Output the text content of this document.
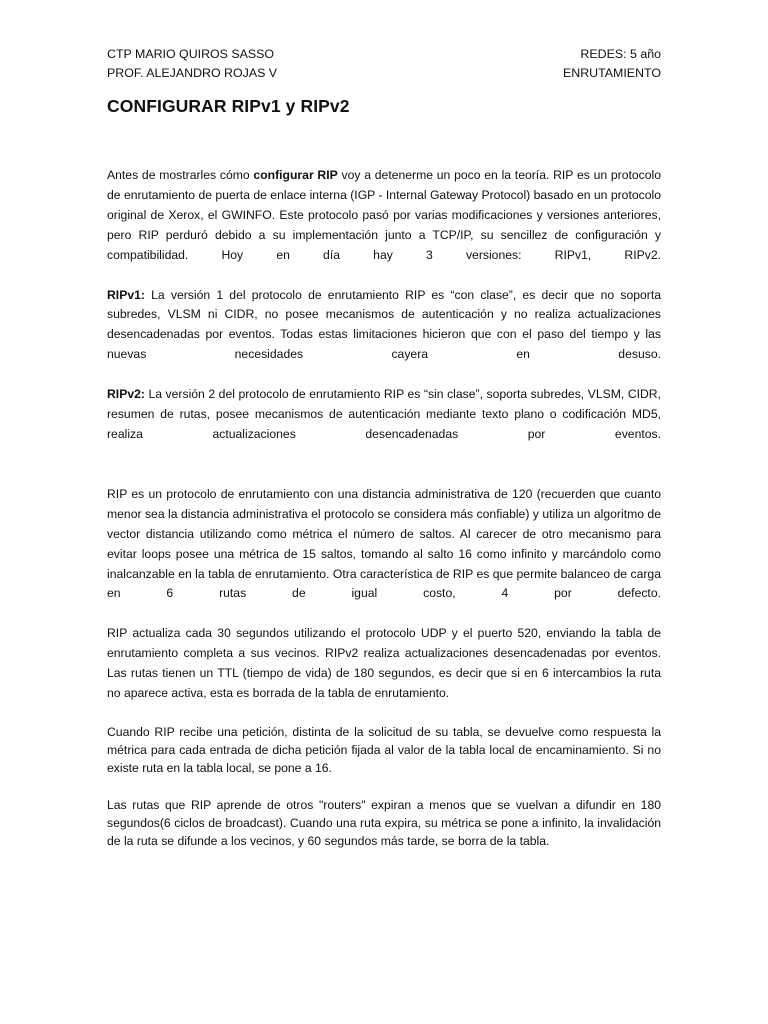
CTP MARIO QUIROS SASSO	REDES: 5 año
PROF. ALEJANDRO ROJAS V	ENRUTAMIENTO
CONFIGURAR RIPv1 y RIPv2

Antes de mostrarles cómo configurar RIP voy a detenerme un poco en la teoría. RIP es un protocolo de enrutamiento de puerta de enlace interna (IGP - Internal Gateway Protocol) basado en un protocolo original de Xerox, el GWINFO. Este protocolo pasó por varias modificaciones y versiones anteriores, pero RIP perduró debido a su implementación junto a TCP/IP, su sencillez de configuración y compatibilidad. Hoy en día hay 3 versiones: RIPv1, RIPv2.

RIPv1: La versión 1 del protocolo de enrutamiento RIP es “con clase”, es decir que no soporta subredes, VLSM ni CIDR, no posee mecanismos de autenticación y no realiza actualizaciones desencadenadas por eventos. Todas estas limitaciones hicieron que con el paso del tiempo y las nuevas necesidades cayera en desuso.

RIPv2: La versión 2 del protocolo de enrutamiento RIP es “sin clase”, soporta subredes, VLSM, CIDR, resumen de rutas, posee mecanismos de autenticación mediante texto plano o codificación MD5, realiza actualizaciones desencadenadas por eventos.

RIP es un protocolo de enrutamiento con una distancia administrativa de 120 (recuerden que cuanto menor sea la distancia administrativa el protocolo se considera más confiable) y utiliza un algoritmo de vector distancia utilizando como métrica el número de saltos. Al carecer de otro mecanismo para evitar loops posee una métrica de 15 saltos, tomando al salto 16 como infinito y marcándolo como inalcanzable en la tabla de enrutamiento. Otra característica de RIP es que permite balanceo de carga en 6 rutas de igual costo, 4 por defecto.

RIP actualiza cada 30 segundos utilizando el protocolo UDP y el puerto 520, enviando la tabla de enrutamiento completa a sus vecinos. RIPv2 realiza actualizaciones desencadenadas por eventos. Las rutas tienen un TTL (tiempo de vida) de 180 segundos, es decir que si en 6 intercambios la ruta no aparece activa, esta es borrada de la tabla de enrutamiento.

Cuando RIP recibe una petición, distinta de la solicitud de su tabla, se devuelve como respuesta la métrica para cada entrada de dicha petición fijada al valor de la tabla local de encaminamiento. Si no existe ruta en la tabla local, se pone a 16.

Las rutas que RIP aprende de otros "routers" expiran a menos que se vuelvan a difundir en 180 segundos(6 ciclos de broadcast). Cuando una ruta expira, su métrica se pone a infinito, la invalidación de la ruta se difunde a los vecinos, y 60 segundos más tarde, se borra de la tabla.
